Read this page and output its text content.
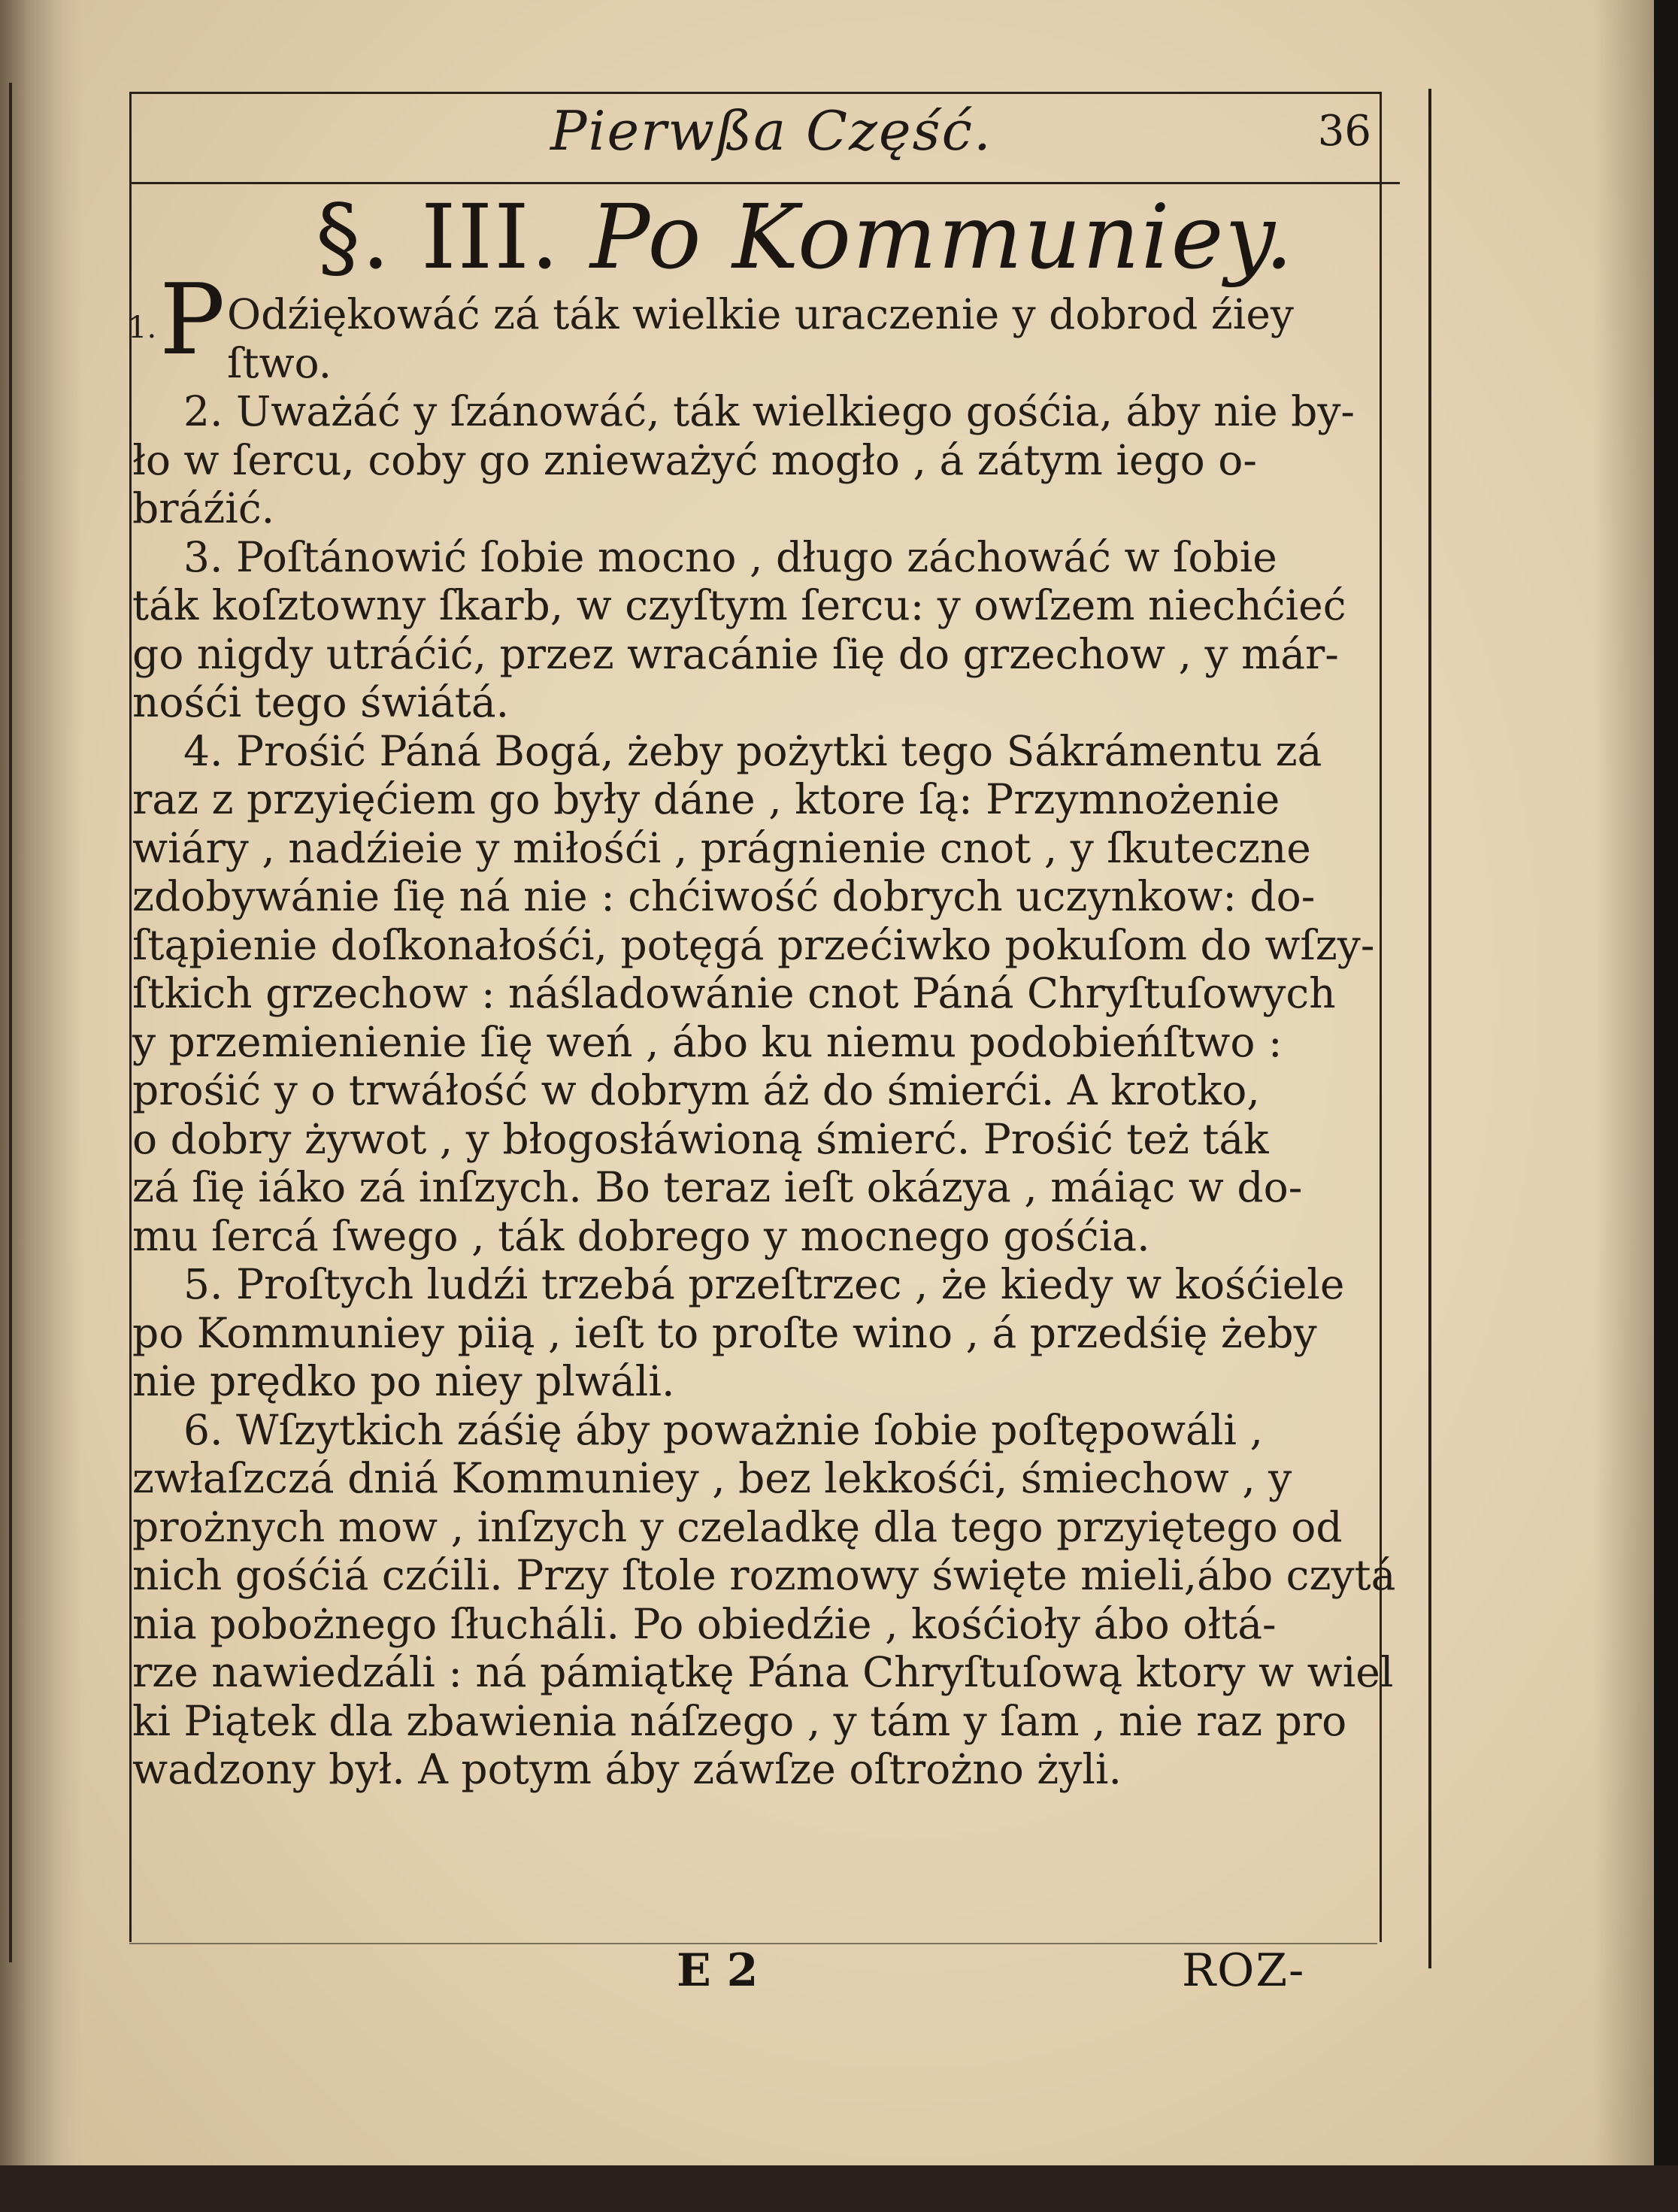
Pierwßa Część.	36
§. III. Po Kommuniey.
1. P Odźiękowáć zá ták wielkie uraczenie y dobrod źiey
ſtwo.
2. Uważáć y ſzánowáć, ták wielkiego gośćia, áby nie by-
ło w ſercu, coby go znieważyć mogło , á zátym iego o-
bráźić.
3. Poſtánowić ſobie mocno , długo záchowáć w ſobie
ták koſztowny ſkarb, w czyſtym ſercu: y owſzem niechćieć
go nigdy utráćić, przez wracánie ſię do grzechow , y már-
nośći tego świátá.
4. Prośić Páná Bogá, żeby pożytki tego Sákrámentu zá
raz z przyięćiem go były dáne , ktore ſą: Przymnożenie
wiáry , nadźieie y miłośći , prágnienie cnot , y ſkuteczne
zdobywánie ſię ná nie : chćiwość dobrych uczynkow: do-
ſtąpienie doſkonałośći, potęgá przećiwko pokuſom do wſzy-
ſtkich grzechow : náśladowánie cnot Páná Chryſtuſowych
y przemienienie ſię weń , ábo ku niemu podobieńſtwo :
prośić y o trwáłość w dobrym áż do śmierći. A krotko,
o dobry żywot , y błogosłáwioną śmierć. Prośić też ták
zá ſię iáko zá inſzych. Bo teraz ieſt okázya , máiąc w do-
mu ſercá ſwego , ták dobrego y mocnego gośćia.
5. Proſtych ludźi trzebá przeſtrzec , że kiedy w kośćiele
po Kommuniey piią , ieſt to proſte wino , á przedśię żeby
nie prędko po niey plwáli.
6. Wſzytkich záśię áby poważnie ſobie poſtępowáli ,
zwłaſzczá dniá Kommuniey , bez lekkośći, śmiechow , y
prożnych mow , inſzych y czeladkę dla tego przyiętego od
nich gośćiá czćili. Przy ſtole rozmowy święte mieli,ábo czytá
nia pobożnego ſłucháli. Po obiedźie , kośćioły ábo ołtá-
rze nawiedzáli : ná pámiątkę Pána Chryſtuſową ktory w wiel
ki Piątek dla zbawienia náſzego , y tám y ſam , nie raz pro
wadzony był. A potym áby záwſze oſtrożno żyli.
E 2	ROZ-
